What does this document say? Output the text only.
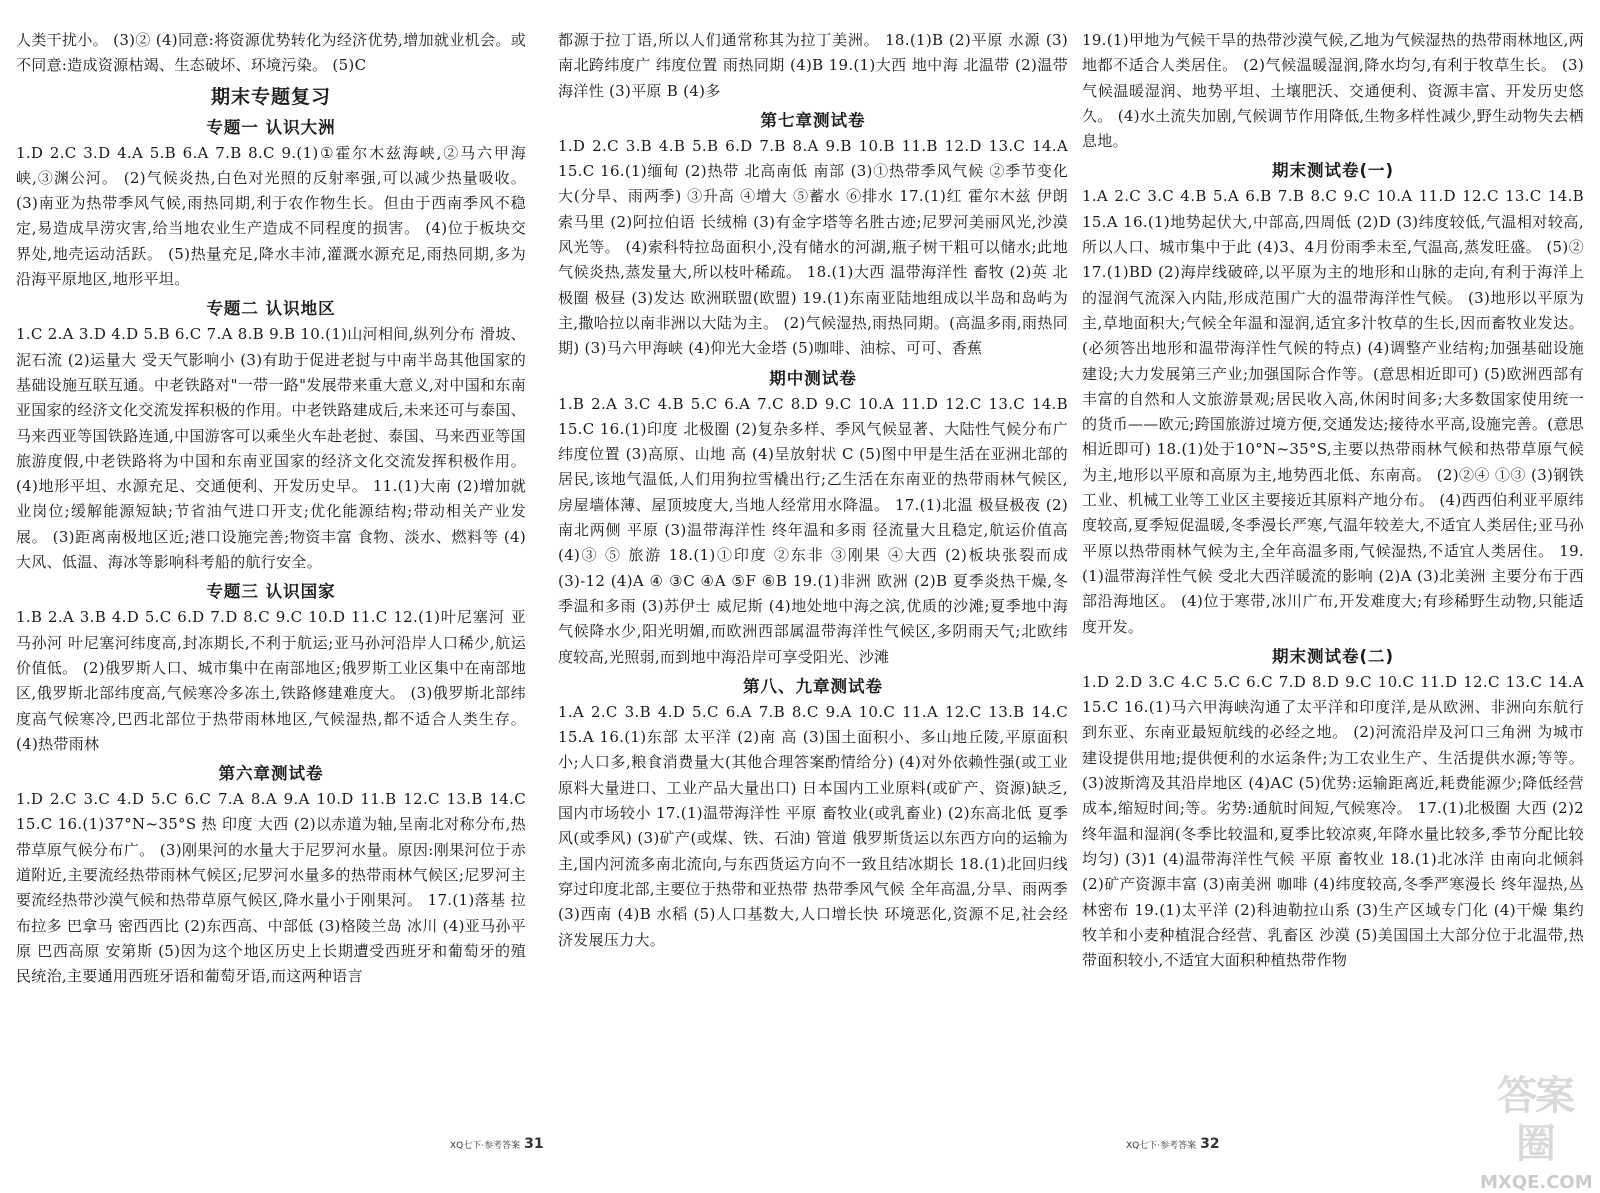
人类干扰小。 (3)② (4)同意:将资源优势转化为经济优势,增加就业机会。或不同意:造成资源枯竭、生态破坏、环境污染。 (5)C

期末专题复习
专题一 认识大洲

1.D 2.C 3.D 4.A 5.B 6.A 7.B 8.C 9.(1)①霍尔木兹海峡,②马六甲海峡,③渊公河。 (2)气候炎热,白色对光照的反射率强,可以减少热量吸收。 (3)南亚为热带季风气候,雨热同期,利于农作物生长。但由于西南季风不稳定,易造成旱涝灾害,给当地农业生产造成不同程度的损害。 (4)位于板块交界处,地壳运动活跃。 (5)热量充足,降水丰沛,灌溉水源充足,雨热同期,多为沿海平原地区,地形平坦。

专题二 认识地区

1.C 2.A 3.D 4.D 5.B 6.C 7.A 8.B 9.B 10.(1)山河相间,纵列分布 滑坡、泥石流 (2)运量大 受天气影响小 (3)有助于促进老挝与中南半岛其他国家的基础设施互联互通。中老铁路对"一带一路"发展带来重大意义,对中国和东南亚国家的经济文化交流发挥积极的作用。中老铁路建成后,未来还可与泰国、马来西亚等国铁路连通,中国游客可以乘坐火车赴老挝、泰国、马来西亚等国旅游度假,中老铁路将为中国和东南亚国家的经济文化交流发挥积极作用。 (4)地形平坦、水源充足、交通便利、开发历史早。 11.(1)大南 (2)增加就业岗位;缓解能源短缺;节省油气进口开支;优化能源结构;带动相关产业发展。 (3)距离南极地区近;港口设施完善;物资丰富 食物、淡水、燃料等 (4)大风、低温、海冰等影响科考船的航行安全。

专题三 认识国家

1.B 2.A 3.B 4.D 5.C 6.D 7.D 8.C 9.C 10.D 11.C 12.(1)叶尼塞河 亚马孙河 叶尼塞河纬度高,封冻期长,不利于航运;亚马孙河沿岸人口稀少,航运价值低。 (2)俄罗斯人口、城市集中在南部地区;俄罗斯工业区集中在南部地区,俄罗斯北部纬度高,气候寒冷多冻土,铁路修建难度大。 (3)俄罗斯北部纬度高气候寒冷,巴西北部位于热带雨林地区,气候湿热,都不适合人类生存。 (4)热带雨林

第六章测试卷

1.D 2.C 3.C 4.D 5.C 6.C 7.A 8.A 9.A 10.D 11.B 12.C 13.B 14.C 15.C 16.(1)37°N~35°S 热 印度 大西 (2)以赤道为轴,呈南北对称分布,热带草原气候分布广。 (3)刚果河的水量大于尼罗河水量。原因:刚果河位于赤道附近,主要流经热带雨林气候区;尼罗河水量多的热带雨林气候区;尼罗河主要流经热带沙漠气候和热带草原气候区,降水量小于刚果河。 17.(1)落基 拉布拉多 巴拿马 密西西比 (2)东西高、中部低 (3)格陵兰岛 冰川 (4)亚马孙平原 巴西高原 安第斯 (5)因为这个地区历史上长期遭受西班牙和葡萄牙的殖民统治,主要通用西班牙语和葡萄牙语,而这两种语言

都源于拉丁语,所以人们通常称其为拉丁美洲。 18.(1)B (2)平原 水源 (3)南北跨纬度广 纬度位置 雨热同期 (4)B 19.(1)大西 地中海 北温带 (2)温带海洋性 (3)平原 B (4)多

第七章测试卷

1.D 2.C 3.B 4.B 5.B 6.D 7.B 8.A 9.B 10.B 11.B 12.D 13.C 14.A 15.C 16.(1)缅甸 (2)热带 北高南低 南部 (3)①热带季风气候 ②季节变化大(分旱、雨两季) ③升高 ④增大 ⑤蓄水 ⑥排水 17.(1)红 霍尔木兹 伊朗 索马里 (2)阿拉伯语 长绒棉 (3)有金字塔等名胜古迹;尼罗河美丽风光,沙漠风光等。 (4)索科特拉岛面积小,没有储水的河湖,瓶子树干粗可以储水;此地气候炎热,蒸发量大,所以枝叶稀疏。 18.(1)大西 温带海洋性 畜牧 (2)英 北极圈 极昼 (3)发达 欧洲联盟(欧盟) 19.(1)东南亚陆地组成以半岛和岛屿为主,撒哈拉以南非洲以大陆为主。 (2)气候湿热,雨热同期。(高温多雨,雨热同期) (3)马六甲海峡 (4)仰光大金塔 (5)咖啡、油棕、可可、香蕉

期中测试卷

1.B 2.A 3.C 4.B 5.C 6.A 7.C 8.D 9.C 10.A 11.D 12.C 13.C 14.B 15.C 16.(1)印度 北极圈 (2)复杂多样、季风气候显著、大陆性气候分布广 纬度位置 (3)高原、山地 高 (4)呈放射状 C (5)图中甲是生活在亚洲北部的居民,该地气温低,人们用狗拉雪橇出行;乙生活在东南亚的热带雨林气候区,房屋墙体薄、屋顶坡度大,当地人经常用水降温。 17.(1)北温 极昼极夜 (2)南北两侧 平原 (3)温带海洋性 终年温和多雨 径流量大且稳定,航运价值高 (4)③ ⑤ 旅游 18.(1)①印度 ②东非 ③刚果 ④大西 (2)板块张裂而成 (3)-12 (4)A ④ ③C ④A ⑤F ⑥B 19.(1)非洲 欧洲 (2)B 夏季炎热干燥,冬季温和多雨 (3)苏伊士 威尼斯 (4)地处地中海之滨,优质的沙滩;夏季地中海气候降水少,阳光明媚,而欧洲西部属温带海洋性气候区,多阴雨天气;北欧纬度较高,光照弱,而到地中海沿岸可享受阳光、沙滩

第八、九章测试卷

1.A 2.C 3.B 4.D 5.C 6.A 7.B 8.C 9.A 10.C 11.A 12.C 13.B 14.C 15.A 16.(1)东部 太平洋 (2)南 高 (3)国土面积小、多山地丘陵,平原面积小;人口多,粮食消费量大(其他合理答案酌情给分) (4)对外依赖性强(或工业原料大量进口、工业产品大量出口) 日本国内工业原料(或矿产、资源)缺乏,国内市场较小 17.(1)温带海洋性 平原 畜牧业(或乳畜业) (2)东高北低 夏季风(或季风) (3)矿产(或煤、铁、石油) 管道 俄罗斯货运以东西方向的运输为主,国内河流多南北流向,与东西货运方向不一致且结冰期长 18.(1)北回归线穿过印度北部,主要位于热带和亚热带 热带季风气候 全年高温,分旱、雨两季 (3)西南 (4)B 水稻 (5)人口基数大,人口增长快 环境恶化,资源不足,社会经济发展压力大。

19.(1)甲地为气候干旱的热带沙漠气候,乙地为气候湿热的热带雨林地区,两地都不适合人类居住。 (2)气候温暖湿润,降水均匀,有利于牧草生长。 (3)气候温暖湿润、地势平坦、土壤肥沃、交通便利、资源丰富、开发历史悠久。 (4)水土流失加剧,气候调节作用降低,生物多样性减少,野生动物失去栖息地。

期末测试卷(一)

1.A 2.C 3.C 4.B 5.A 6.B 7.B 8.C 9.C 10.A 11.D 12.C 13.C 14.B 15.A 16.(1)地势起伏大,中部高,四周低 (2)D (3)纬度较低,气温相对较高,所以人口、城市集中于此 (4)3、4月份雨季未至,气温高,蒸发旺盛。 (5)② 17.(1)BD (2)海岸线破碎,以平原为主的地形和山脉的走向,有利于海洋上的湿润气流深入内陆,形成范围广大的温带海洋性气候。 (3)地形以平原为主,草地面积大;气候全年温和湿润,适宜多汁牧草的生长,因而畜牧业发达。(必须答出地形和温带海洋性气候的特点) (4)调整产业结构;加强基础设施建设;大力发展第三产业;加强国际合作等。(意思相近即可) (5)欧洲西部有丰富的自然和人文旅游景观;居民收入高,休闲时间多;大多数国家使用统一的货币——欧元;跨国旅游过境方便,交通发达;接待水平高,设施完善。(意思相近即可) 18.(1)处于10°N~35°S,主要以热带雨林气候和热带草原气候为主,地形以平原和高原为主,地势西北低、东南高。 (2)②④ ①③ (3)钢铁工业、机械工业等工业区主要接近其原料产地分布。 (4)西西伯利亚平原纬度较高,夏季短促温暖,冬季漫长严寒,气温年较差大,不适宜人类居住;亚马孙平原以热带雨林气候为主,全年高温多雨,气候湿热,不适宜人类居住。 19.(1)温带海洋性气候 受北大西洋暖流的影响 (2)A (3)北美洲 主要分布于西部沿海地区。 (4)位于寒带,冰川广布,开发难度大;有珍稀野生动物,只能适度开发。

期末测试卷(二)

1.D 2.D 3.C 4.C 5.C 6.C 7.D 8.D 9.C 10.C 11.D 12.C 13.C 14.A 15.C 16.(1)马六甲海峡沟通了太平洋和印度洋,是从欧洲、非洲向东航行到东亚、东南亚最短航线的必经之地。 (2)河流沿岸及河口三角洲 为城市建设提供用地;提供便利的水运条件;为工农业生产、生活提供水源;等等。 (3)波斯湾及其沿岸地区 (4)AC (5)优势:运输距离近,耗费能源少;降低经营成本,缩短时间;等。劣势:通航时间短,气候寒冷。 17.(1)北极圈 大西 (2)2 终年温和湿润(冬季比较温和,夏季比较凉爽,年降水量比较多,季节分配比较均匀) (3)1 (4)温带海洋性气候 平原 畜牧业 18.(1)北冰洋 由南向北倾斜 (2)矿产资源丰富 (3)南美洲 咖啡 (4)纬度较高,冬季严寒漫长 终年湿热,丛林密布 19.(1)太平洋 (2)科迪勒拉山系 (3)生产区域专门化 (4)干燥 集约牧羊和小麦种植混合经营、乳畜区 沙漠 (5)美国国土大部分位于北温带,热带面积较小,不适宜大面积种植热带作物

XQ七下·参考答案 31	XQ七下·参考答案 32
答案圈
MXQE.COM
